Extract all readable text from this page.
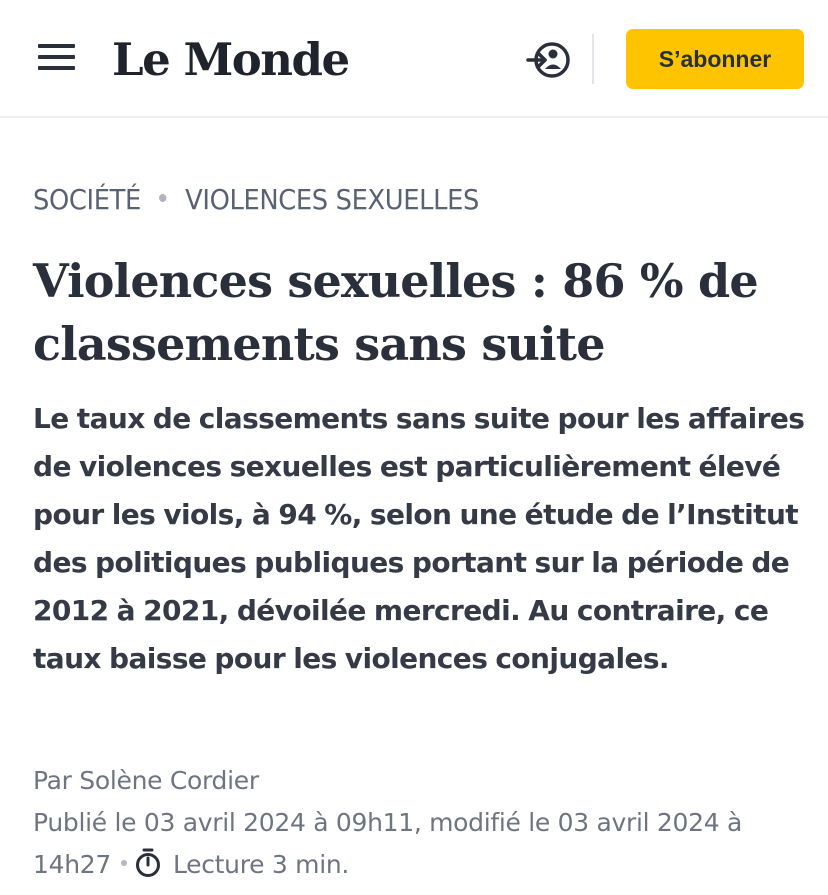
Le Monde	S’abonner
SOCIÉTÉ VIOLENCES SEXUELLES
Violences sexuelles : 86 % de classements sans suite

Le taux de classements sans suite pour les affaires de violences sexuelles est particulièrement élevé pour les viols, à 94 %, selon une étude de l’Institut des politiques publiques portant sur la période de 2012 à 2021, dévoilée mercredi. Au contraire, ce taux baisse pour les violences conjugales.

Par Solène Cordier
Publié le 03 avril 2024 à 09h11, modifié le 03 avril 2024 à 14h27 Lecture 3 min.
